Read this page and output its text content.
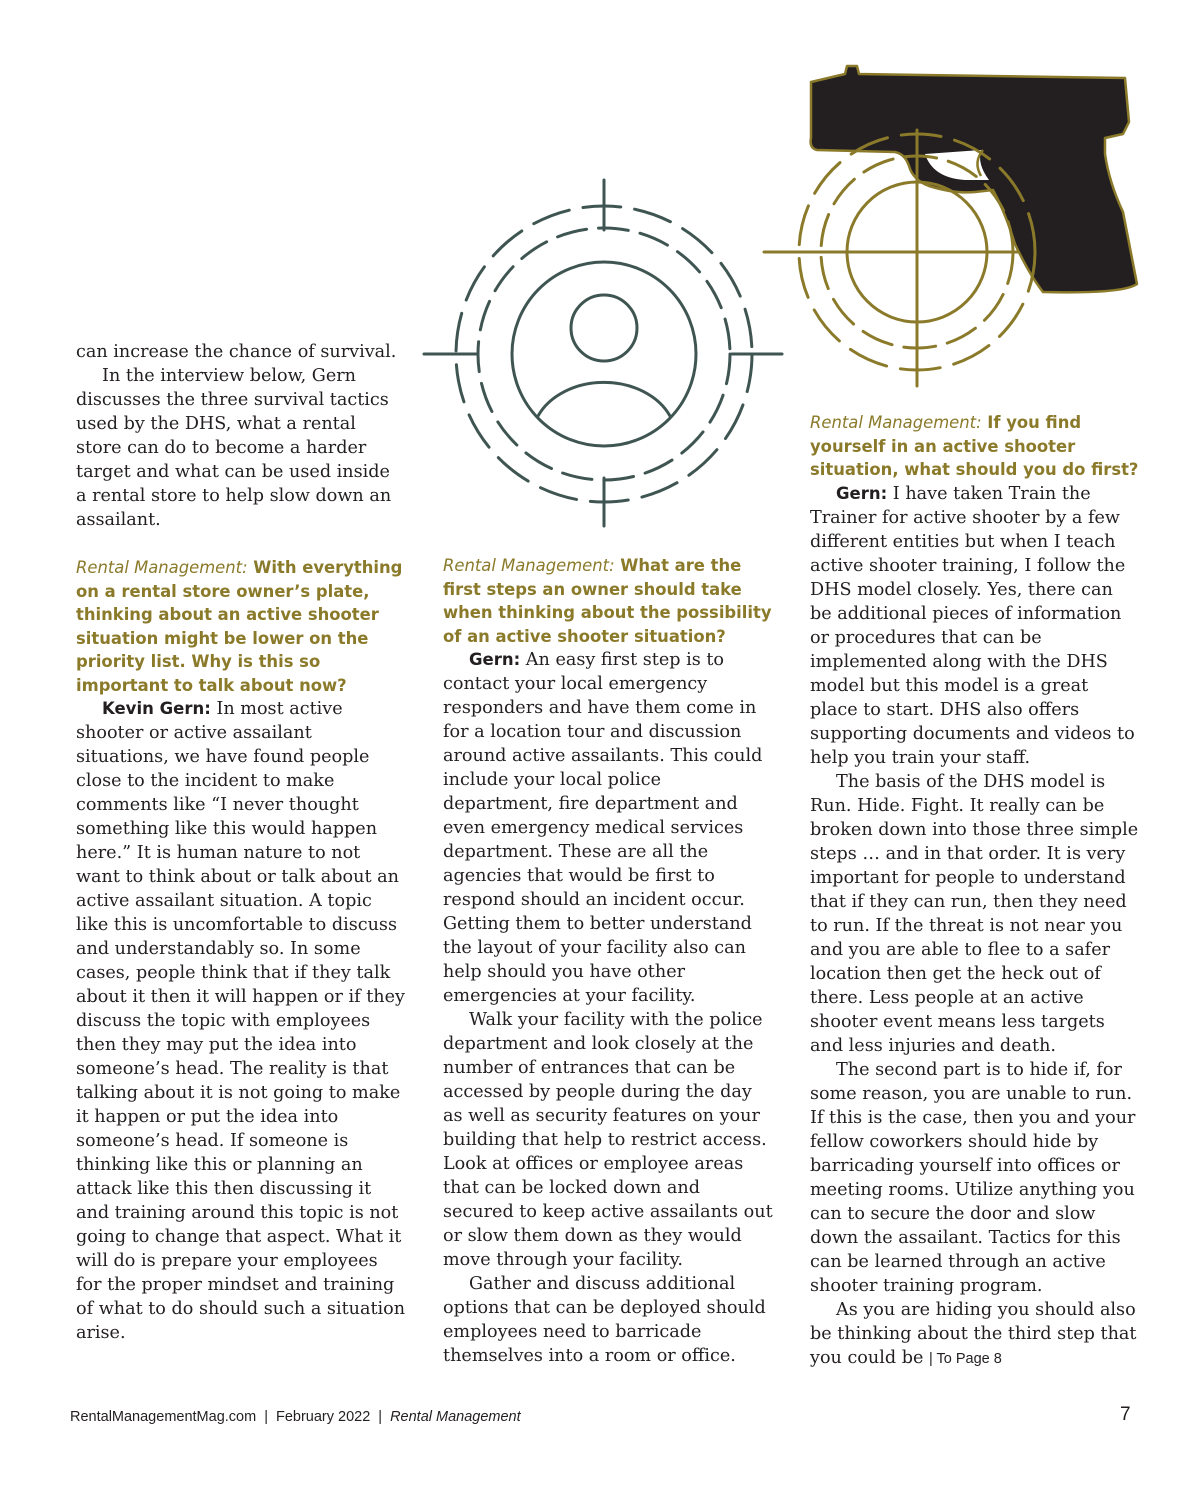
can increase the chance of survival.

In the interview below, Gern discusses the three survival tactics used by the DHS, what a rental store can do to become a harder target and what can be used inside a rental store to help slow down an assailant.

Rental Management: With everything on a rental store owner’s plate, thinking about an active shooter situation might be lower on the priority list. Why is this so important to talk about now?

Kevin Gern: In most active shooter or active assailant situations, we have found people close to the incident to make comments like “I never thought something like this would happen here.” It is human nature to not want to think about or talk about an active assailant situation. A topic like this is uncomfortable to discuss and understandably so. In some cases, people think that if they talk about it then it will happen or if they discuss the topic with employees then they may put the idea into someone’s head. The reality is that talking about it is not going to make it happen or put the idea into someone’s head. If someone is thinking like this or planning an attack like this then discussing it and training around this topic is not going to change that aspect. What it will do is prepare your employees for the proper mindset and training of what to do should such a situation arise.

Rental Management: What are the first steps an owner should take when thinking about the possibility of an active shooter situation?

Gern: An easy first step is to contact your local emergency responders and have them come in for a location tour and discussion around active assailants. This could include your local police department, fire department and even emergency medical services department. These are all the agencies that would be first to respond should an incident occur. Getting them to better understand the layout of your facility also can help should you have other emergencies at your facility.

Walk your facility with the police department and look closely at the number of entrances that can be accessed by people during the day as well as security features on your building that help to restrict access. Look at offices or employee areas that can be locked down and secured to keep active assailants out or slow them down as they would move through your facility.

Gather and discuss additional options that can be deployed should employees need to barricade themselves into a room or office.

Rental Management: If you find yourself in an active shooter situation, what should you do first?

Gern: I have taken Train the Trainer for active shooter by a few different entities but when I teach active shooter training, I follow the DHS model closely. Yes, there can be additional pieces of information or procedures that can be implemented along with the DHS model but this model is a great place to start. DHS also offers supporting documents and videos to help you train your staff.

The basis of the DHS model is Run. Hide. Fight. It really can be broken down into those three simple steps … and in that order. It is very important for people to understand that if they can run, then they need to run. If the threat is not near you and you are able to flee to a safer location then get the heck out of there. Less people at an active shooter event means less targets and less injuries and death.

The second part is to hide if, for some reason, you are unable to run. If this is the case, then you and your fellow coworkers should hide by barricading yourself into offices or meeting rooms. Utilize anything you can to secure the door and slow down the assailant. Tactics for this can be learned through an active shooter training program.

As you are hiding you should also be thinking about the third step that you could be | To Page 8

RentalManagementMag.com | February 2022 | Rental Management	7
